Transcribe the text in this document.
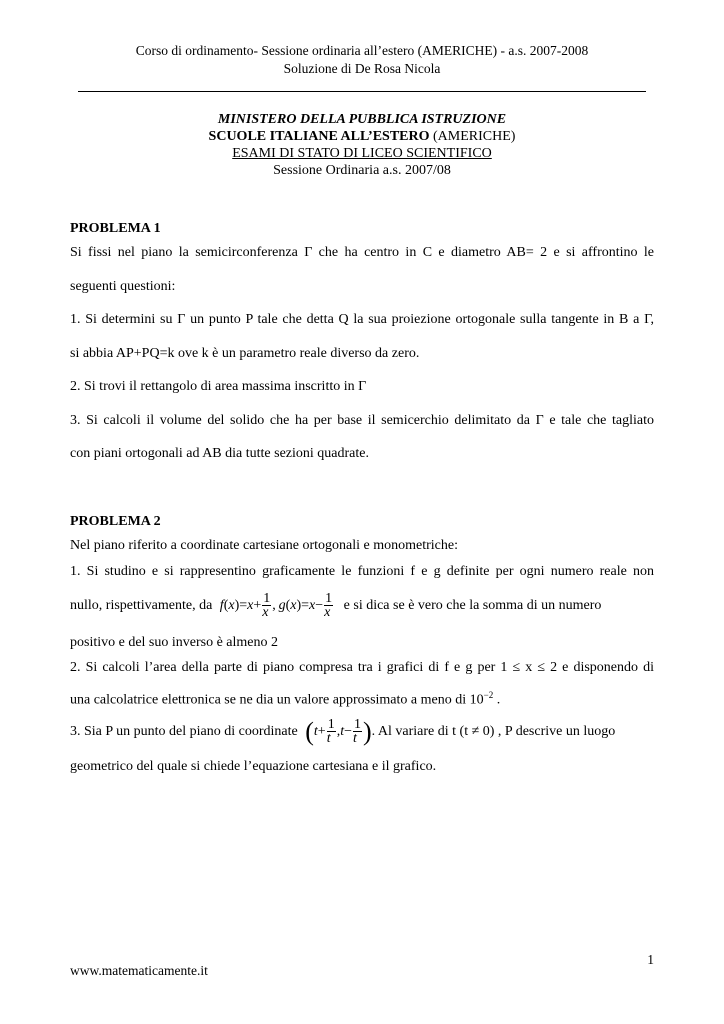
Corso di ordinamento- Sessione ordinaria all’estero (AMERICHE) - a.s. 2007-2008
Soluzione di De Rosa Nicola
MINISTERO DELLA PUBBLICA ISTRUZIONE
SCUOLE ITALIANE ALL’ESTERO (AMERICHE)
ESAMI DI STATO DI LICEO SCIENTIFICO
Sessione Ordinaria a.s. 2007/08
PROBLEMA 1
Si fissi nel piano la semicirconferenza Γ che ha centro in C e diametro AB= 2 e si affrontino le
seguenti questioni:
1. Si determini su Γ un punto P tale che detta Q la sua proiezione ortogonale sulla tangente in B a Γ,
si abbia AP+PQ=k ove k è un parametro reale diverso da zero.
2. Si trovi il rettangolo di area massima inscritto in Γ
3. Si calcoli il volume del solido che ha per base il semicerchio delimitato da Γ e tale che tagliato
con piani ortogonali ad AB dia tutte sezioni quadrate.
PROBLEMA 2
Nel piano riferito a coordinate cartesiane ortogonali e monometriche:
1. Si studino e si rappresentino graficamente le funzioni f e g definite per ogni numero reale non
nullo, rispettivamente, da $f(x)=x+ \frac{1}{x}$ , $g(x)=x- \frac{1}{x}$ e si dica se è vero che la somma di un numero
positivo e del suo inverso è almeno 2
2. Si calcoli l’area della parte di piano compresa tra i grafici di f e g per 1 ≤ x ≤ 2 e disponendo di
una calcolatrice elettronica se ne dia un valore approssimato a meno di $10^{-2}$ .
3. Sia P un punto del piano di coordinate ($t+ \frac{1}{t} ,t- \frac{1}{t}$ ). Al variare di t (t ≠ 0) , P descrive un luogo
geometrico del quale si chiede l’equazione cartesiana e il grafico.
1
www.matematicamente.it
